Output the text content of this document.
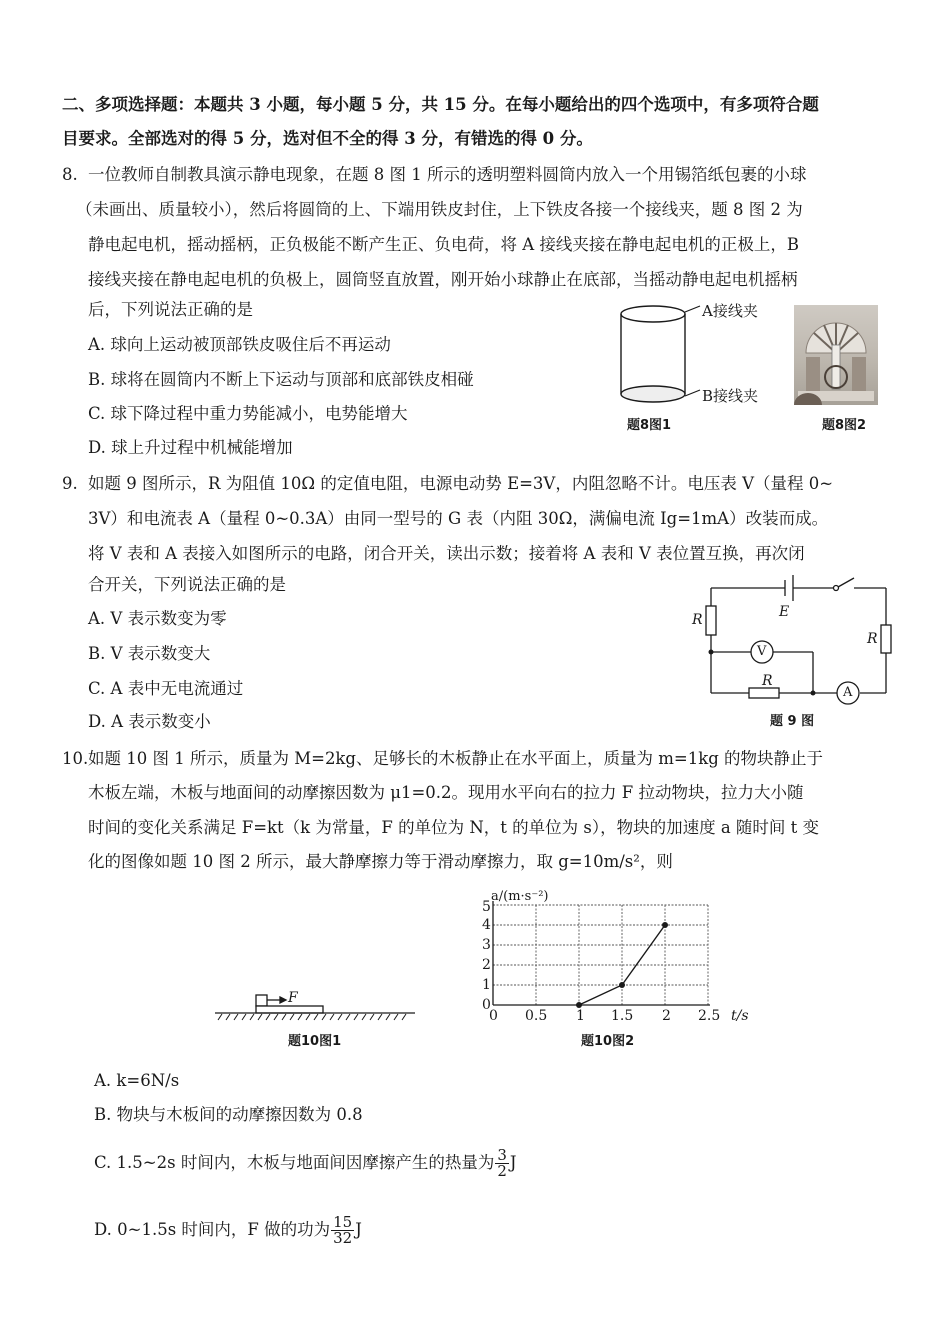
二、多项选择题：本题共 3 小题，每小题 5 分，共 15 分。在每小题给出的四个选项中，有多项符合题
目要求。全部选对的得 5 分，选对但不全的得 3 分，有错选的得 0 分。
8. 一位教师自制教具演示静电现象，在题 8 图 1 所示的透明塑料圆筒内放入一个用锡箔纸包裹的小球
（未画出、质量较小），然后将圆筒的上、下端用铁皮封住，上下铁皮各接一个接线夹，题 8 图 2 为
静电起电机，摇动摇柄，正负极能不断产生正、负电荷，将 A 接线夹接在静电起电机的正极上，B
接线夹接在静电起电机的负极上，圆筒竖直放置，刚开始小球静止在底部，当摇动静电起电机摇柄
后，下列说法正确的是
A. 球向上运动被顶部铁皮吸住后不再运动
B. 球将在圆筒内不断上下运动与顶部和底部铁皮相碰
C. 球下降过程中重力势能减小，电势能增大
D. 球上升过程中机械能增加
A接线夹
B接线夹
题8图1	题8图2
9. 如题 9 图所示，R 为阻值 10Ω 的定值电阻，电源电动势 E=3V，内阻忽略不计。电压表 V（量程 0~
3V）和电流表 A（量程 0~0.3A）由同一型号的 G 表（内阻 30Ω，满偏电流 Ig=1mA）改装而成。
将 V 表和 A 表接入如图所示的电路，闭合开关，读出示数；接着将 A 表和 V 表位置互换，再次闭
合开关，下列说法正确的是
A. V 表示数变为零
B. V 表示数变大
C. A 表中无电流通过
D. A 表示数变小
E
R
R
R
V
A
题 9 图
10. 如题 10 图 1 所示，质量为 M=2kg、足够长的木板静止在水平面上，质量为 m=1kg 的物块静止于
木板左端，木板与地面间的动摩擦因数为 μ1=0.2。现用水平向右的拉力 F 拉动物块，拉力大小随
时间的变化关系满足 F=kt（k 为常量，F 的单位为 N，t 的单位为 s），物块的加速度 a 随时间 t 变
化的图像如题 10 图 2 所示，最大静摩擦力等于滑动摩擦力，取 g=10m/s²，则
F
题10图1
a/(m·s⁻²)
5
4
3
2
1
0
0 0.5 1 1.5 2 2.5 t/s
题10图2
A. k=6N/s
B. 物块与木板间的动摩擦因数为 0.8
C. 1.5~2s 时间内，木板与地面间因摩擦产生的热量为 $\frac{3}{2}$ J
D. 0~1.5s 时间内，F 做的功为 $\frac{15}{32}$ J
